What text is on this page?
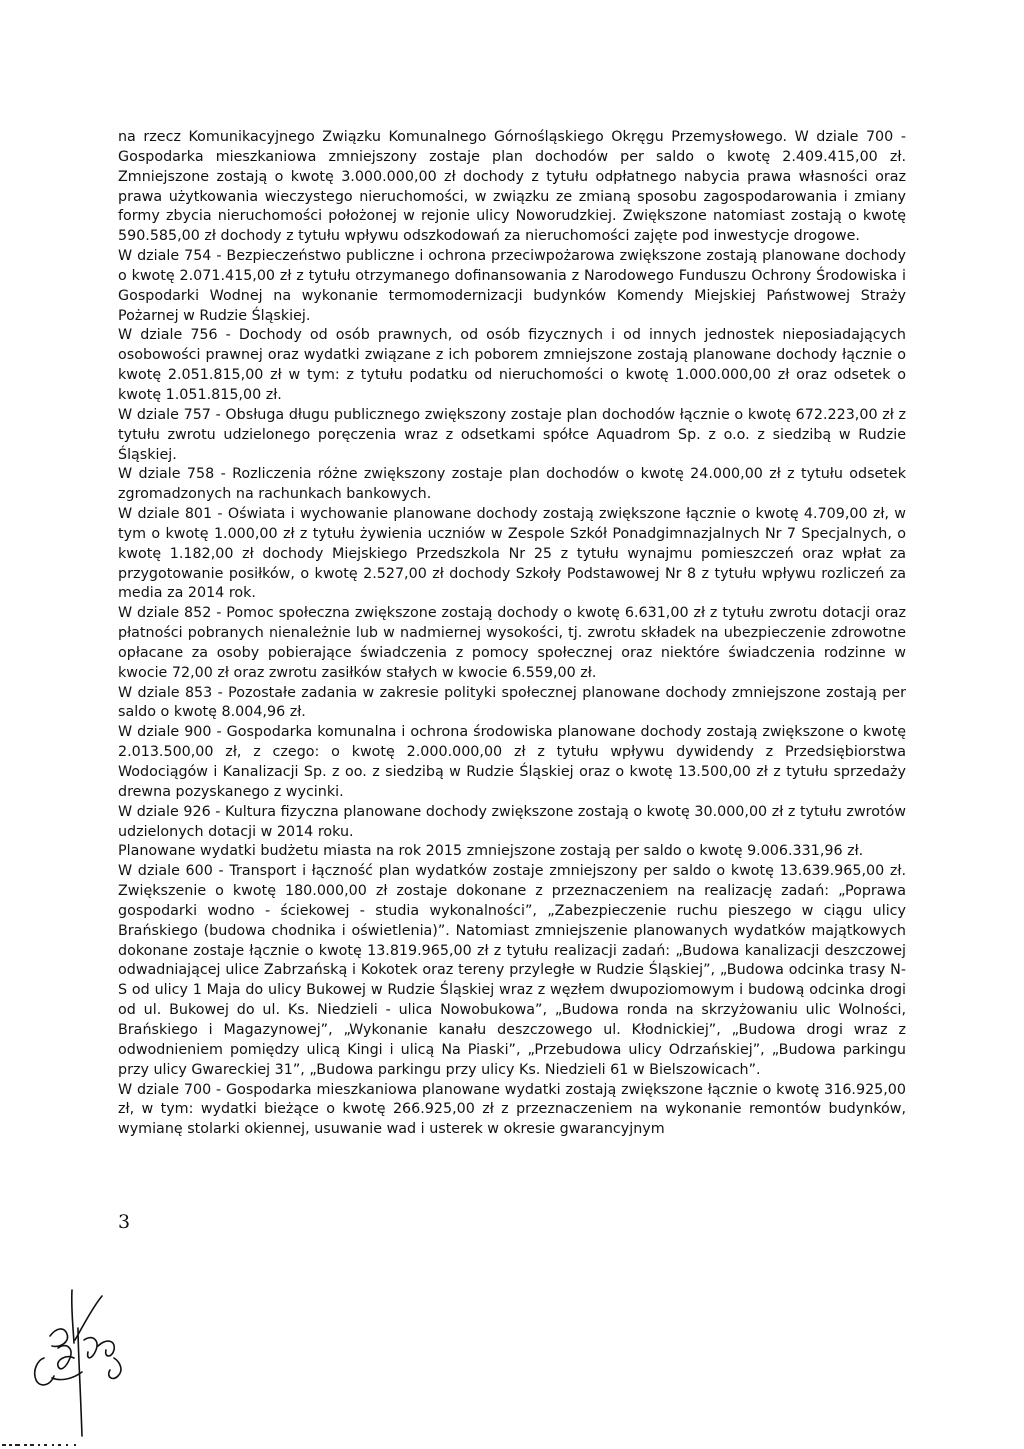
na rzecz Komunikacyjnego Związku Komunalnego Górnośląskiego Okręgu Przemysłowego. W dziale 700 - Gospodarka mieszkaniowa zmniejszony zostaje plan dochodów per saldo o kwotę 2.409.415,00 zł. Zmniejszone zostają o kwotę 3.000.000,00 zł dochody z tytułu odpłatnego nabycia prawa własności oraz prawa użytkowania wieczystego nieruchomości, w związku ze zmianą sposobu zagospodarowania i zmiany formy zbycia nieruchomości położonej w rejonie ulicy Noworudzkiej. Zwiększone natomiast zostają o kwotę 590.585,00 zł dochody z tytułu wpływu odszkodowań za nieruchomości zajęte pod inwestycje drogowe.

W dziale 754 - Bezpieczeństwo publiczne i ochrona przeciwpożarowa zwiększone zostają planowane dochody o kwotę 2.071.415,00 zł z tytułu otrzymanego dofinansowania z Narodowego Funduszu Ochrony Środowiska i Gospodarki Wodnej na wykonanie termomodernizacji budynków Komendy Miejskiej Państwowej Straży Pożarnej w Rudzie Śląskiej.

W dziale 756 - Dochody od osób prawnych, od osób fizycznych i od innych jednostek nieposiadających osobowości prawnej oraz wydatki związane z ich poborem zmniejszone zostają planowane dochody łącznie o kwotę 2.051.815,00 zł w tym: z tytułu podatku od nieruchomości o kwotę 1.000.000,00 zł oraz odsetek o kwotę 1.051.815,00 zł.

W dziale 757 - Obsługa długu publicznego zwiększony zostaje plan dochodów łącznie o kwotę 672.223,00 zł z tytułu zwrotu udzielonego poręczenia wraz z odsetkami spółce Aquadrom Sp. z o.o. z siedzibą w Rudzie Śląskiej.

W dziale 758 - Rozliczenia różne zwiększony zostaje plan dochodów o kwotę 24.000,00 zł z tytułu odsetek zgromadzonych na rachunkach bankowych.

W dziale 801 - Oświata i wychowanie planowane dochody zostają zwiększone łącznie o kwotę 4.709,00 zł, w tym o kwotę 1.000,00 zł z tytułu żywienia uczniów w Zespole Szkół Ponadgimnazjalnych Nr 7 Specjalnych, o kwotę 1.182,00 zł dochody Miejskiego Przedszkola Nr 25 z tytułu wynajmu pomieszczeń oraz wpłat za przygotowanie posiłków, o kwotę 2.527,00 zł dochody Szkoły Podstawowej Nr 8 z tytułu wpływu rozliczeń za media za 2014 rok.

W dziale 852 - Pomoc społeczna zwiększone zostają dochody o kwotę 6.631,00 zł z tytułu zwrotu dotacji oraz płatności pobranych nienależnie lub w nadmiernej wysokości, tj. zwrotu składek na ubezpieczenie zdrowotne opłacane za osoby pobierające świadczenia z pomocy społecznej oraz niektóre świadczenia rodzinne w kwocie 72,00 zł oraz zwrotu zasiłków stałych w kwocie 6.559,00 zł.

W dziale 853 - Pozostałe zadania w zakresie polityki społecznej planowane dochody zmniejszone zostają per saldo o kwotę 8.004,96 zł.

W dziale 900 - Gospodarka komunalna i ochrona środowiska planowane dochody zostają zwiększone o kwotę 2.013.500,00 zł, z czego: o kwotę 2.000.000,00 zł z tytułu wpływu dywidendy z Przedsiębiorstwa Wodociągów i Kanalizacji Sp. z oo. z siedzibą w Rudzie Śląskiej oraz o kwotę 13.500,00 zł z tytułu sprzedaży drewna pozyskanego z wycinki.

W dziale 926 - Kultura fizyczna planowane dochody zwiększone zostają o kwotę 30.000,00 zł z tytułu zwrotów udzielonych dotacji w 2014 roku.

Planowane wydatki budżetu miasta na rok 2015 zmniejszone zostają per saldo o kwotę 9.006.331,96 zł.

W dziale 600 - Transport i łączność plan wydatków zostaje zmniejszony per saldo o kwotę 13.639.965,00 zł. Zwiększenie o kwotę 180.000,00 zł zostaje dokonane z przeznaczeniem na realizację zadań: „Poprawa gospodarki wodno - ściekowej - studia wykonalności”, „Zabezpieczenie ruchu pieszego w ciągu ulicy Brańskiego (budowa chodnika i oświetlenia)”. Natomiast zmniejszenie planowanych wydatków majątkowych dokonane zostaje łącznie o kwotę 13.819.965,00 zł z tytułu realizacji zadań: „Budowa kanalizacji deszczowej odwadniającej ulice Zabrzańską i Kokotek oraz tereny przyległe w Rudzie Śląskiej”, „Budowa odcinka trasy N-S od ulicy 1 Maja do ulicy Bukowej w Rudzie Śląskiej wraz z węzłem dwupoziomowym i budową odcinka drogi od ul. Bukowej do ul. Ks. Niedzieli - ulica Nowobukowa”, „Budowa ronda na skrzyżowaniu ulic Wolności, Brańskiego i Magazynowej”, „Wykonanie kanału deszczowego ul. Kłodnickiej”, „Budowa drogi wraz z odwodnieniem pomiędzy ulicą Kingi i ulicą Na Piaski”, „Przebudowa ulicy Odrzańskiej”, „Budowa parkingu przy ulicy Gwareckiej 31”, „Budowa parkingu przy ulicy Ks. Niedzieli 61 w Bielszowicach”.

W dziale 700 - Gospodarka mieszkaniowa planowane wydatki zostają zwiększone łącznie o kwotę 316.925,00 zł, w tym: wydatki bieżące o kwotę 266.925,00 zł z przeznaczeniem na wykonanie remontów budynków, wymianę stolarki okiennej, usuwanie wad i usterek w okresie gwarancyjnym

3
